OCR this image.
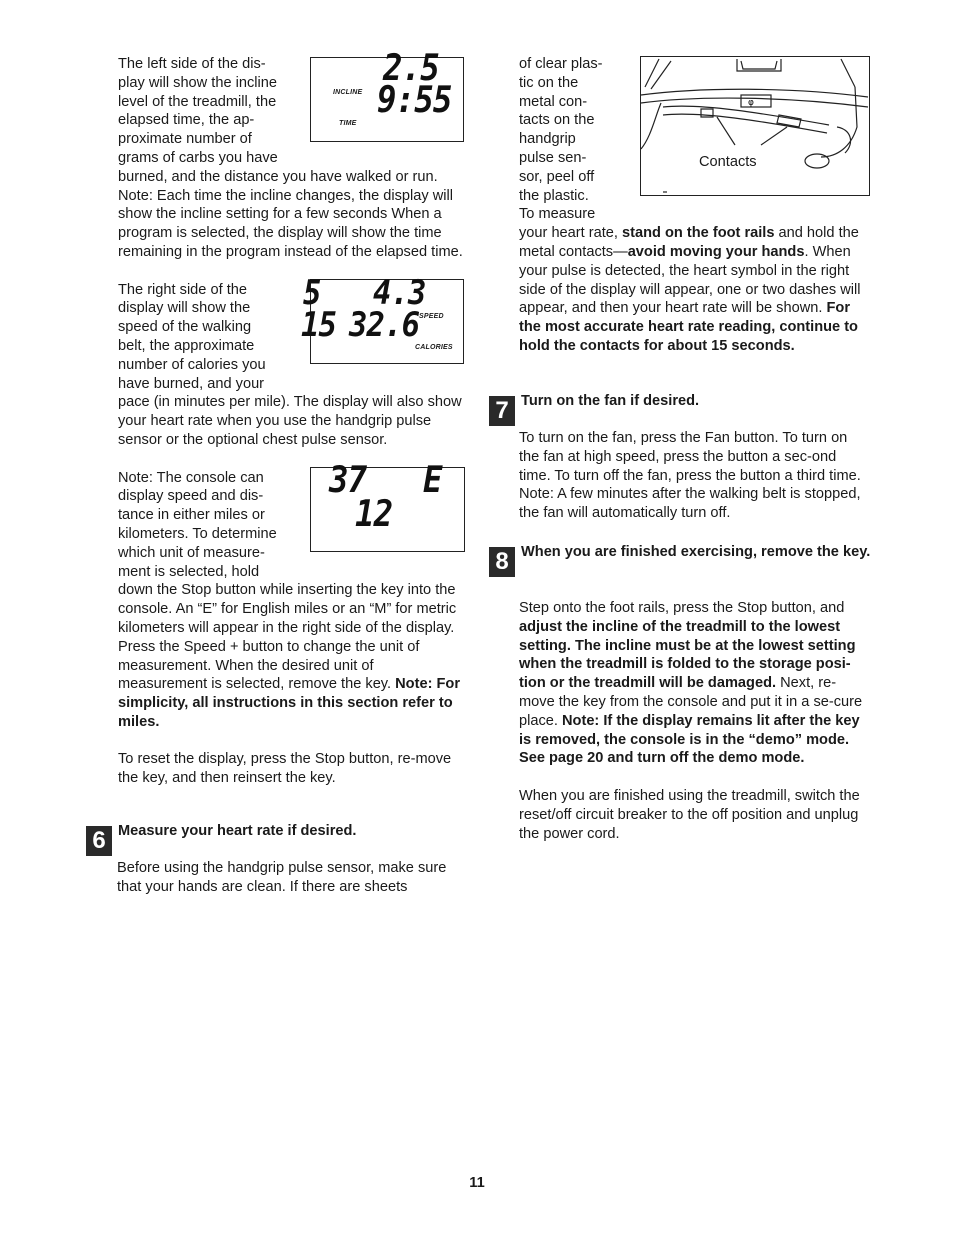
INCLINE
TIME
2.5
9:55

The left side of the dis-
play will show the incline
level of the treadmill, the
elapsed time, the ap-
proximate number of
grams of carbs you have

burned, and the distance you have walked or run. Note: Each time the incline changes, the display will show the incline setting for a few seconds When a program is selected, the display will show the time remaining in the program instead of the elapsed time.

5
15
4.3
32.6 SPEED
CALORIES

The right side of the
display will show the
speed of the walking
belt, the approximate
number of calories you
have burned, and your

pace (in minutes per mile). The display will also show your heart rate when you use the handgrip pulse sensor or the optional chest pulse sensor.

37 E
12

Note: The console can
display speed and dis-
tance in either miles or
kilometers. To determine
which unit of measure-
ment is selected, hold

down the Stop button while inserting the key into the console. An “E” for English miles or an “M” for metric kilometers will appear in the right side of the display. Press the Speed + button to change the unit of measurement. When the desired unit of measurement is selected, remove the key. Note: For simplicity, all instructions in this section refer to miles.

To reset the display, press the Stop button, re-move the key, and then reinsert the key.

6 Measure your heart rate if desired.

Before using the handgrip pulse sensor, make sure that your hands are clean. If there are sheets

φ
Contacts

of clear plas-
tic on the
metal con-
tacts on the
handgrip
pulse sen-
sor, peel off
the plastic.
To measure

your heart rate, stand on the foot rails and hold the metal contacts—avoid moving your hands. When your pulse is detected, the heart symbol in the right side of the display will appear, one or two dashes will appear, and then your heart rate will be shown. For the most accurate heart rate reading, continue to hold the contacts for about 15 seconds.

7 Turn on the fan if desired.

To turn on the fan, press the Fan button. To turn on the fan at high speed, press the button a sec-ond time. To turn off the fan, press the button a third time. Note: A few minutes after the walking belt is stopped, the fan will automatically turn off.

8 When you are finished exercising, remove the key.

Step onto the foot rails, press the Stop button, and adjust the incline of the treadmill to the lowest setting. The incline must be at the lowest setting when the treadmill is folded to the storage posi-tion or the treadmill will be damaged. Next, re-move the key from the console and put it in a se-cure place. Note: If the display remains lit after the key is removed, the console is in the “demo” mode. See page 20 and turn off the demo mode.

When you are finished using the treadmill, switch the reset/off circuit breaker to the off position and unplug the power cord.

11
